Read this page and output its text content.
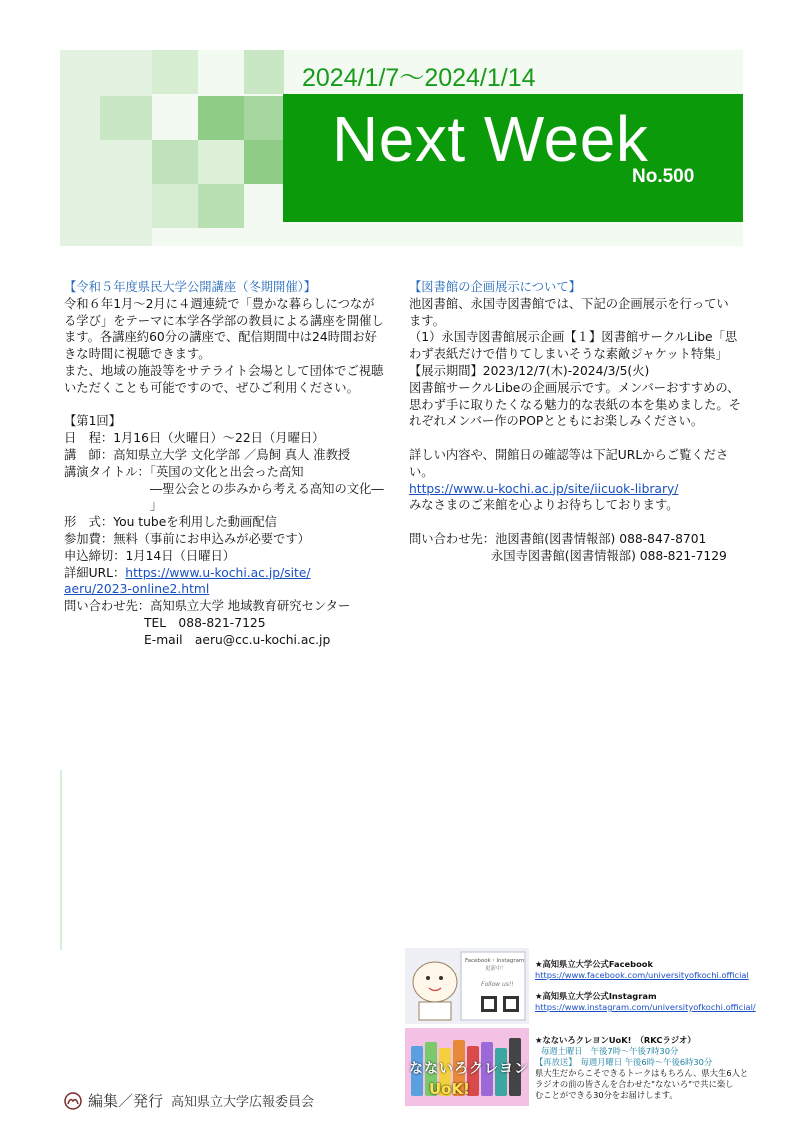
2024/1/7～2024/1/14
Next Week
No.500

【令和５年度県民大学公開講座（冬期開催）】

令和６年1月～2月に４週連続で「豊かな暮らしにつなが

る学び」をテーマに本学各学部の教員による講座を開催し

ます。各講座約60分の講座で、配信期間中は24時間お好

きな時間に視聴できます。

また、地域の施設等をサテライト会場として団体でご視聴

いただくことも可能ですので、ぜひご利用ください。

【第1回】

日　程：1月16日（火曜日）～22日（月曜日）

講　師：高知県立大学 文化学部 ／鳥飼 真人 准教授

講演タイトル：「英国の文化と出会った高知

―聖公会との歩みから考える高知の文化― 」

形　式：You tubeを利用した動画配信

参加費：無料（事前にお申込みが必要です）

申込締切：1月14日（日曜日）

詳細URL：https://www.u-kochi.ac.jp/site/

aeru/2023-online2.html

問い合わせ先：高知県立大学 地域教育研究センター

TEL　088-821-7125

E-mail　aeru@cc.u-kochi.ac.jp

【図書館の企画展示について】

池図書館、永国寺図書館では、下記の企画展示を行ってい

ます。

（1）永国寺図書館展示企画【１】図書館サークルLibe「思

わず表紙だけで借りてしまいそうな素敵ジャケット特集」

【展示期間】2023/12/7(木)-2024/3/5(火)

図書館サークルLibeの企画展示です。メンバーおすすめの、

思わず手に取りたくなる魅力的な表紙の本を集めました。そ

れぞれメンバー作のPOPとともにお楽しみください。

詳しい内容や、開館日の確認等は下記URLからご覧くださ

い。

https://www.u-kochi.ac.jp/site/iicuok-library/

みなさまのご来館を心よりお待ちしております。

問い合わせ先：池図書館(図書情報部) 088-847-8701

永国寺図書館(図書情報部) 088-821-7129

Facebook・Instagram
更新中！
Follow us!!
なないろクレヨン
UoK!
★高知県立大学公式Facebook
https://www.facebook.com/universityofkochi.official
★高知県立大学公式Instagram
https://www.instagram.com/universityofkochi.official/
★なないろクレヨンUoK!　（RKCラジオ）
毎週土曜日　午後7時～午後7時30分
【再放送】　毎週月曜日 午後6時～午後6時30分
県大生だからこそできるトークはもちろん、県大生6人と
ラジオの前の皆さんを合わせた"なないろ"で共に楽し
むことができる30分をお届けします。
編集／発行 高知県立大学広報委員会
